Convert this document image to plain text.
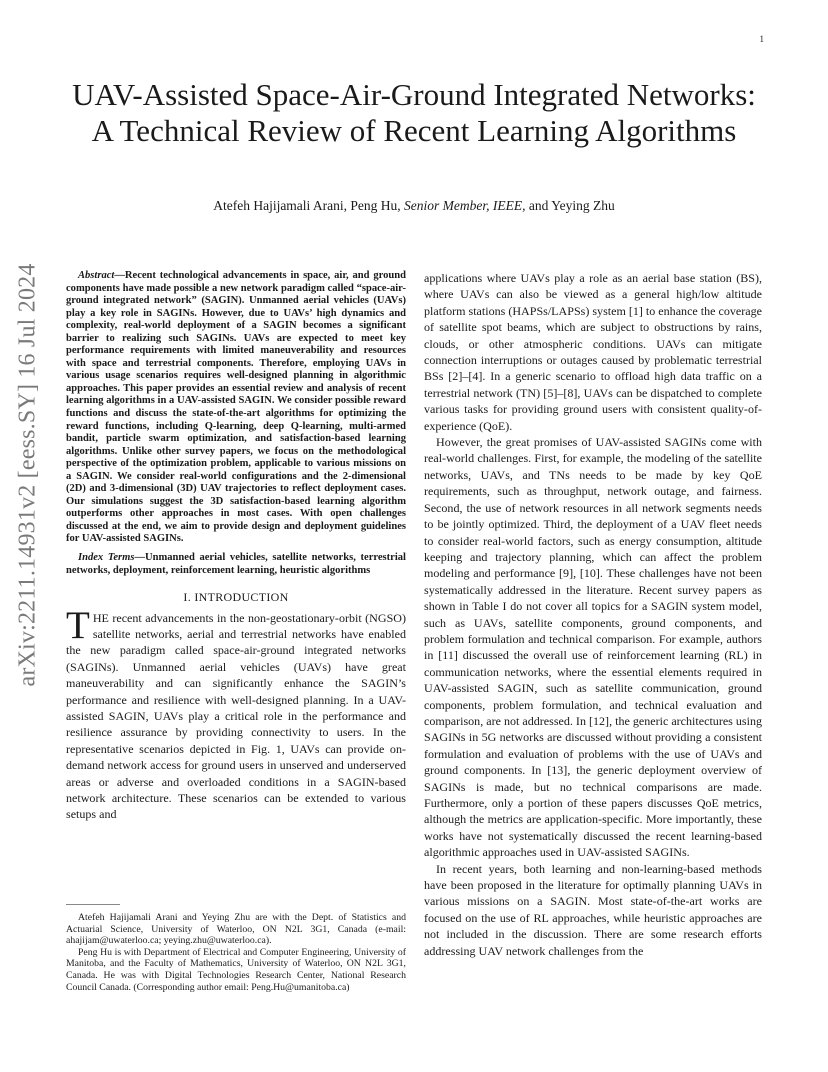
1
arXiv:2211.14931v2 [eess.SY] 16 Jul 2024
UAV-Assisted Space-Air-Ground Integrated Networks: A Technical Review of Recent Learning Algorithms
Atefeh Hajijamali Arani, Peng Hu, Senior Member, IEEE, and Yeying Zhu

Abstract—Recent technological advancements in space, air, and ground components have made possible a new network paradigm called “space-air-ground integrated network” (SAGIN). Unmanned aerial vehicles (UAVs) play a key role in SAGINs. However, due to UAVs’ high dynamics and complexity, real-world deployment of a SAGIN becomes a significant barrier to realizing such SAGINs. UAVs are expected to meet key performance requirements with limited maneuverability and resources with space and terrestrial components. Therefore, employing UAVs in various usage scenarios requires well-designed planning in algorithmic approaches. This paper provides an essential review and analysis of recent learning algorithms in a UAV-assisted SAGIN. We consider possible reward functions and discuss the state-of-the-art algorithms for optimizing the reward functions, including Q-learning, deep Q-learning, multi-armed bandit, particle swarm optimization, and satisfaction-based learning algorithms. Unlike other survey papers, we focus on the methodological perspective of the optimization problem, applicable to various missions on a SAGIN. We consider real-world configurations and the 2-dimensional (2D) and 3-dimensional (3D) UAV trajectories to reflect deployment cases. Our simulations suggest the 3D satisfaction-based learning algorithm outperforms other approaches in most cases. With open challenges discussed at the end, we aim to provide design and deployment guidelines for UAV-assisted SAGINs.

Index Terms—Unmanned aerial vehicles, satellite networks, terrestrial networks, deployment, reinforcement learning, heuristic algorithms

I. INTRODUCTION

THE recent advancements in the non-geostationary-orbit (NGSO) satellite networks, aerial and terrestrial networks have enabled the new paradigm called space-air-ground integrated networks (SAGINs). Unmanned aerial vehicles (UAVs) have great maneuverability and can significantly enhance the SAGIN’s performance and resilience with well-designed planning. In a UAV-assisted SAGIN, UAVs play a critical role in the performance and resilience assurance by providing connectivity to users. In the representative scenarios depicted in Fig. 1, UAVs can provide on-demand network access for ground users in unserved and underserved areas or adverse and overloaded conditions in a SAGIN-based network architecture. These scenarios can be extended to various setups and

applications where UAVs play a role as an aerial base station (BS), where UAVs can also be viewed as a general high/low altitude platform stations (HAPSs/LAPSs) system [1] to enhance the coverage of satellite spot beams, which are subject to obstructions by rains, clouds, or other atmospheric conditions. UAVs can mitigate connection interruptions or outages caused by problematic terrestrial BSs [2]–[4]. In a generic scenario to offload high data traffic on a terrestrial network (TN) [5]–[8], UAVs can be dispatched to complete various tasks for providing ground users with consistent quality-of-experience (QoE).

However, the great promises of UAV-assisted SAGINs come with real-world challenges. First, for example, the modeling of the satellite networks, UAVs, and TNs needs to be made by key QoE requirements, such as throughput, network outage, and fairness. Second, the use of network resources in all network segments needs to be jointly optimized. Third, the deployment of a UAV fleet needs to consider real-world factors, such as energy consumption, altitude keeping and trajectory planning, which can affect the problem modeling and performance [9], [10]. These challenges have not been systematically addressed in the literature. Recent survey papers as shown in Table I do not cover all topics for a SAGIN system model, such as UAVs, satellite components, ground components, and problem formulation and technical comparison. For example, authors in [11] discussed the overall use of reinforcement learning (RL) in communication networks, where the essential elements required in UAV-assisted SAGIN, such as satellite communication, ground components, problem formulation, and technical evaluation and comparison, are not addressed. In [12], the generic architectures using SAGINs in 5G networks are discussed without providing a consistent formulation and evaluation of problems with the use of UAVs and ground components. In [13], the generic deployment overview of SAGINs is made, but no technical comparisons are made. Furthermore, only a portion of these papers discusses QoE metrics, although the metrics are application-specific. More importantly, these works have not systematically discussed the recent learning-based algorithmic approaches used in UAV-assisted SAGINs.

In recent years, both learning and non-learning-based methods have been proposed in the literature for optimally planning UAVs in various missions on a SAGIN. Most state-of-the-art works are focused on the use of RL approaches, while heuristic approaches are not included in the discussion. There are some research efforts addressing UAV network challenges from the

Atefeh Hajijamali Arani and Yeying Zhu are with the Dept. of Statistics and Actuarial Science, University of Waterloo, ON N2L 3G1, Canada (e-mail: ahajijam@uwaterloo.ca; yeying.zhu@uwaterloo.ca).

Peng Hu is with Department of Electrical and Computer Engineering, University of Manitoba, and the Faculty of Mathematics, University of Waterloo, ON N2L 3G1, Canada. He was with Digital Technologies Research Center, National Research Council Canada. (Corresponding author email: Peng.Hu@umanitoba.ca)
